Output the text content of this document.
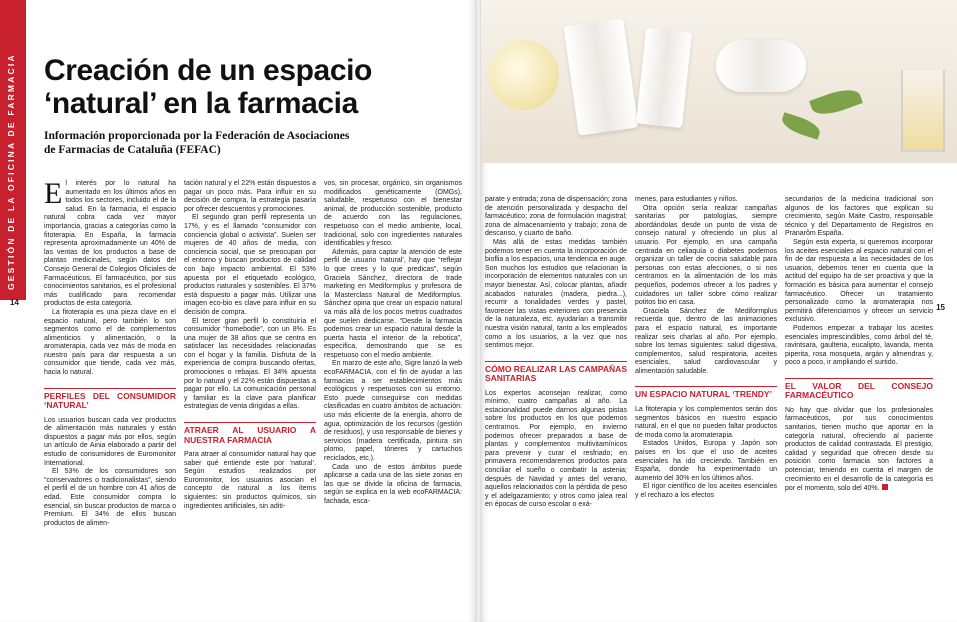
GESTIÓN DE LA OFICINA DE FARMACIA
14
Creación de un espacio
‘natural’ en la farmacia

Información proporcionada por la Federación de Asociaciones
de Farmacias de Cataluña (FEFAC)

El interés por lo natural ha aumentado en los últimos años en todos los sectores, incluido el de la salud. En la farmacia, el espacio natural cobra cada vez mayor importancia, gracias a categorías como la fitoterapia. En España, la farmacia representa aproximadamente un 40% de las ventas de los productos a base de plantas medicinales, según datos del Consejo General de Colegios Oficiales de Farmacéuticos. El farmacéutico, por sus conocimientos sanitarios, es el profesional más cualificado para recomendar productos de esta categoría.

La fitoterapia es una pieza clave en el espacio natural, pero también lo son segmentos como el de complementos alimenticios y alimentación, o la aromaterapia, cada vez más de moda en nuestro país para dar respuesta a un consumidor que tiende, cada vez más, hacia lo natural.

PERFILES DEL CONSUMIDOR ‘NATURAL’

Los usuarios buscan cada vez productos de alimentación más naturales y están dispuestos a pagar más por ellos, según un artículo de Ainia elaborado a partir del estudio de consumidores de Euromonitor International.

El 53% de los consumidores son “conservadores o tradicionalistas”, siendo el perfil el de un hombre con 41 años de edad. Este consumidor compra lo esencial, sin buscar productos de marca o Premium. El 34% de ellos buscan productos de alimen-

tación natural y el 22% están dispuestos a pagar un poco más. Para influir en su decisión de compra, la estrategia pasaría por ofrecer descuentos y promociones.

El segundo gran perfil representa un 17%, y es el llamado “consumidor con conciencia global o activista”. Suelen ser mujeres de 40 años de media, con conciencia social, que se preocupan por el entorno y buscan productos de calidad con bajo impacto ambiental. El 53% apuesta por el etiquetado ecológico, productos naturales y sostenibles. El 37% está dispuesto a pagar más. Utilizar una imagen eco-bio es clave para influir en su decisión de compra.

El tercer gran perfil lo constituiría el consumidor “homebodie”, con un 8%. Es una mujer de 38 años que se centra en satisfacer las necesidades relacionadas con el hogar y la familia. Disfruta de la experiencia de compra buscando ofertas, promociones o rebajas. El 34% apuesta por lo natural y el 22% están dispuestas a pagar por ello. La comunicación personal y familiar es la clave para planificar estrategias de venta dirigidas a ellas.

ATRAER AL USUARIO A NUESTRA FARMACIA

Para atraer al consumidor natural hay que saber qué entiende este por ‘natural’. Según estudios realizados por Euromonitor, los usuarios asocian el concepto de natural a los ítems siguientes: sin productos químicos, sin ingredientes artificiales, sin aditi-

vos, sin procesar, orgánico, sin organismos modificados genéticamente (OMGs), saludable, respetuoso con el bienestar animal, de producción sostenible, producto de acuerdo con las regulaciones, respetuoso con el medio ambiente, local, tradicional, solo con ingredientes naturales identificables y fresco.

Además, para captar la atención de este perfil de usuario ‘natural’, hay que “reflejar lo que crees y lo que predicas”, según Graciela Sánchez, directora de trade marketing en Mediformplus y profesora de la Masterclass Natural de Mediformplus. Sánchez opina que crear un espacio natural va más allá de los pocos metros cuadrados que suelen dedicarse. “Desde la farmacia podemos crear un espacio natural desde la puerta hasta el interior de la rebotica”, especifica, demostrando que se es respetuoso con el medio ambiente.

En marzo de este año, Sigre lanzó la web ecoFARMACIA, con el fin de ayudar a las farmacias a ser establecimientos más ecológicos y respetuosos con su entorno. Esto puede conseguirse con medidas clasificadas en cuatro ámbitos de actuación: uso más eficiente de la energía, ahorro de agua, optimización de los recursos (gestión de residuos), y uso responsable de bienes y servicios (madera certificada, pintura sin plomo, papel, tóneres y cartuchos reciclados, etc.).

Cada uno de estos ámbitos puede aplicarse a cada una de las siete zonas en las que se divide la oficina de farmacia, según se explica en la web ecoFARMACIA: fachada, esca-

15

parate y entrada; zona de dispensación; zona de atención personalizada y despacho del farmacéutico; zona de formulación magistral; zona de almacenamiento y trabajo; zona de descanso, y cuarto de baño.

Más allá de estas medidas también podemos tener en cuenta la incorporación de bioflia a los espacios, una tendencia en auge. Son muchos los estudios que relacionan la incorporación de elementos naturales con un mayor bienestar. Así, colocar plantas, añadir acabados naturales (madera, piedra...), recurrir a tonalidades verdes y pastel, favorecer las vistas exteriores con presencia de la naturaleza, etc. ayudarían a transmitir nuestra visión natural, tanto a los empleados como a los usuarios, a la vez que nos sentimos mejor.

CÓMO REALIZAR LAS CAMPAÑAS SANITARIAS

Los expertos aconsejan realizar, como mínimo, cuatro campañas al año. La estacionalidad puede darnos algunas pistas sobre los productos en los que podemos centrarnos. Por ejemplo, en invierno podemos ofrecer preparados a base de plantas y complementos multivitamínicos para prevenir y curar el resfriado; en primavera recomendaremos productos para conciliar el sueño o combatir la astenia; después de Navidad y antes del verano, aquellos relacionados con la pérdida de peso y el adelgazamiento; y otros como jalea real en épocas de curso escolar o exá-

menes, para estudiantes y niños.

Otra opción sería realizar campañas sanitarias por patologías, siempre abordándolas desde un punto de vista de consejo natural y ofreciendo un plus al usuario. Por ejemplo, en una campaña centrada en celiaquía o diabetes podemos organizar un taller de cocina saludable para personas con estas afecciones, o si nos centramos en la alimentación de los más pequeños, podemos ofrecer a los padres y cuidadores un taller sobre cómo realizar potitos bio en casa.

Graciela Sánchez de Mediformplus recuerda que, dentro de las animaciones para el espacio natural, es importante realizar seis charlas al año. Por ejemplo, sobre los temas siguientes: salud digestiva, complementos, salud respiratoria, aceites esenciales, salud cardiovascular y alimentación saludable.

UN ESPACIO NATURAL ‘TRENDY’

La fitoterapia y los complementos serán dos segmentos básicos en nuestro espacio natural, en el que no pueden faltar productos de moda como la aromaterapia.

Estados Unidos, Europa y Japón son países en los que el uso de aceites esenciales ha ido creciendo. También en España, donde ha experimentado un aumento del 30% en los últimos años.

El rigor científico de los aceites esenciales y el rechazo a los efectos

secundarios de la medicina tradicional son algunos de los factores que explican su crecimiento, según Maite Castro, responsable técnico y del Departamento de Registros en Pranarôm España.

Según esta experta, si queremos incorporar los aceites esenciales al espacio natural con el fin de dar respuesta a las necesidades de los usuarios, debemos tener en cuenta que la actitud del equipo ha de ser proactiva y que la formación es básica para aumentar el consejo farmacéutico. Ofrecer un tratamiento personalizado como la aromaterapia nos permitirá diferenciarnos y ofrecer un servicio exclusivo.

Podemos empezar a trabajar los aceites esenciales imprescindibles, como árbol del té, ravintsara, gaulteria, eucalipto, lavanda, menta piperita, rosa mosqueta, argán y almendras y, poco a poco, ir ampliando el surtido.

EL VALOR DEL CONSEJO FARMACÉUTICO

No hay que olvidar que los profesionales farmacéuticos, por sus conocimientos sanitarios, tienen mucho que aportar en la categoría natural, ofreciendo al paciente productos de calidad contrastada. El prestigio, calidad y seguridad que ofrecen desde su posición como farmacia son factores a potenciar, teniendo en cuenta el margen de crecimiento en el desarrollo de la categoría es por el momento, solo del 40%.
